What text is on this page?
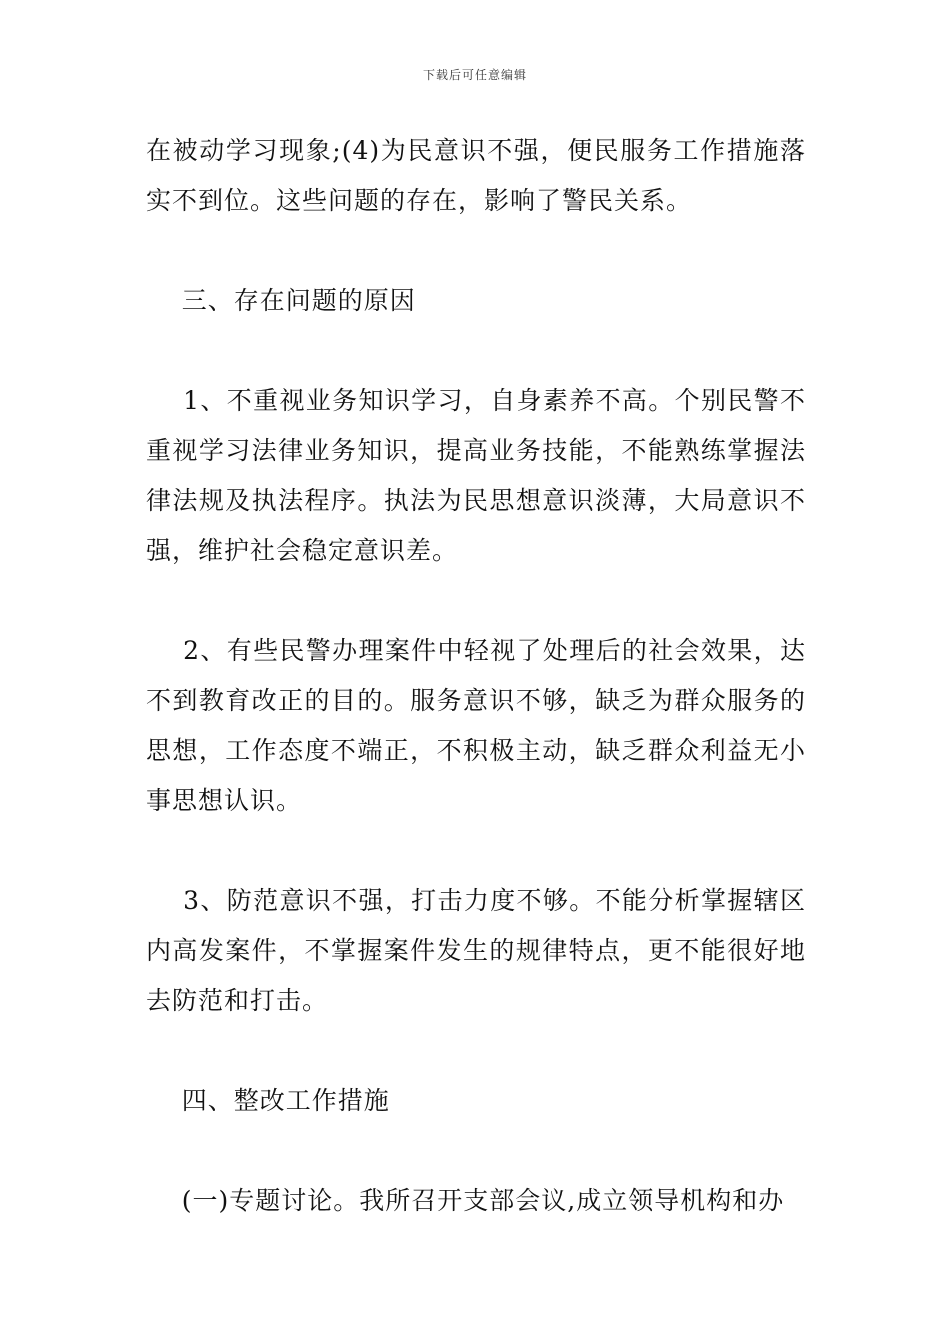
下载后可任意编辑

在被动学习现象;(4)为民意识不强，便民服务工作措施落实不到位。这些问题的存在，影响了警民关系。

三、存在问题的原因

1、不重视业务知识学习，自身素养不高。个别民警不重视学习法律业务知识，提高业务技能，不能熟练掌握法律法规及执法程序。执法为民思想意识淡薄，大局意识不强，维护社会稳定意识差。

2、有些民警办理案件中轻视了处理后的社会效果，达不到教育改正的目的。服务意识不够，缺乏为群众服务的思想，工作态度不端正，不积极主动，缺乏群众利益无小事思想认识。

3、防范意识不强，打击力度不够。不能分析掌握辖区内高发案件，不掌握案件发生的规律特点，更不能很好地去防范和打击。

四、整改工作措施

(一)专题讨论。我所召开支部会议,成立领导机构和办
